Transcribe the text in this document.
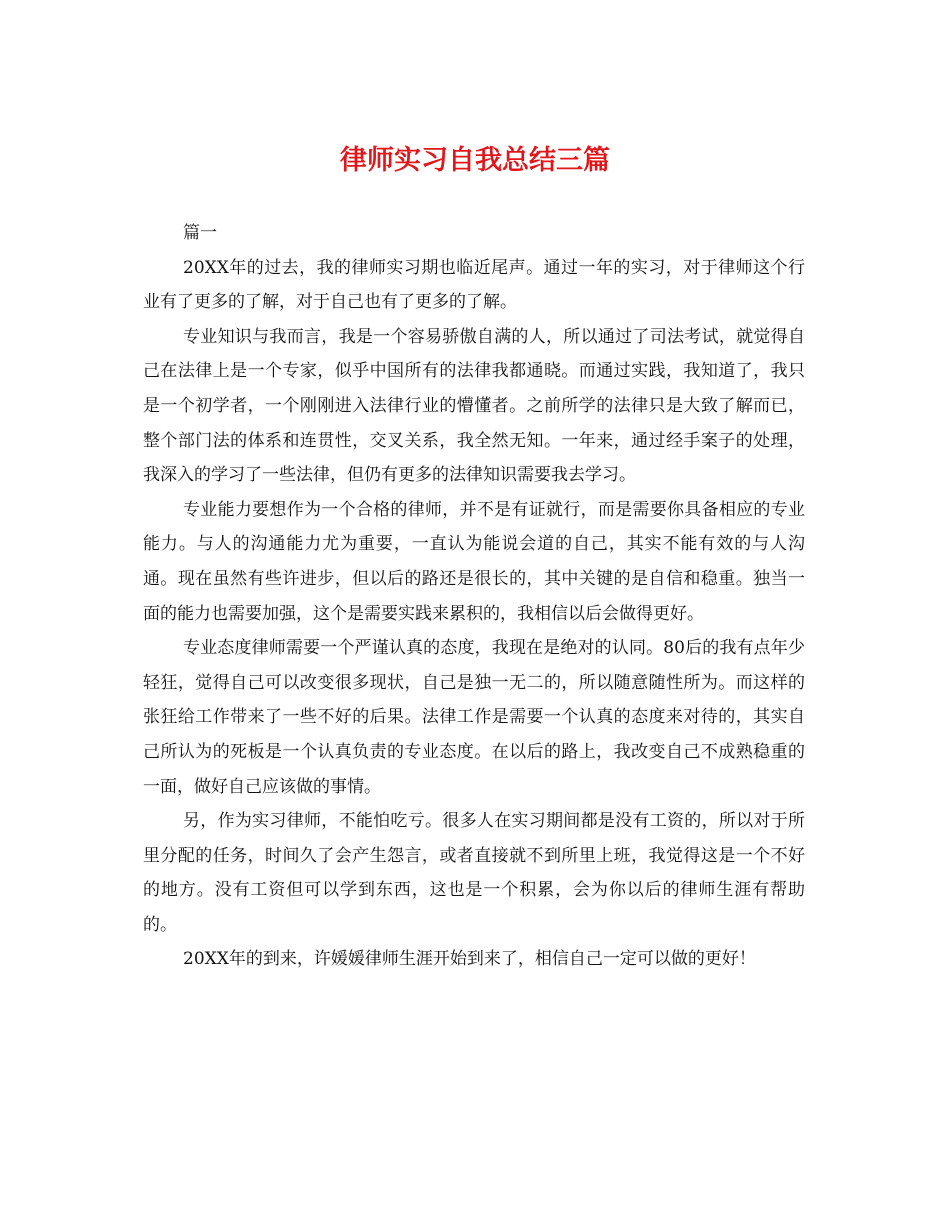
律师实习自我总结三篇

篇一

20XX年的过去，我的律师实习期也临近尾声。通过一年的实习，对于律师这个行业有了更多的了解，对于自己也有了更多的了解。

专业知识与我而言，我是一个容易骄傲自满的人，所以通过了司法考试，就觉得自己在法律上是一个专家，似乎中国所有的法律我都通晓。而通过实践，我知道了，我只是一个初学者，一个刚刚进入法律行业的懵懂者。之前所学的法律只是大致了解而已，整个部门法的体系和连贯性，交叉关系，我全然无知。一年来，通过经手案子的处理，我深入的学习了一些法律，但仍有更多的法律知识需要我去学习。

专业能力要想作为一个合格的律师，并不是有证就行，而是需要你具备相应的专业能力。与人的沟通能力尤为重要，一直认为能说会道的自己，其实不能有效的与人沟通。现在虽然有些许进步，但以后的路还是很长的，其中关键的是自信和稳重。独当一面的能力也需要加强，这个是需要实践来累积的，我相信以后会做得更好。

专业态度律师需要一个严谨认真的态度，我现在是绝对的认同。80后的我有点年少轻狂，觉得自己可以改变很多现状，自己是独一无二的，所以随意随性所为。而这样的张狂给工作带来了一些不好的后果。法律工作是需要一个认真的态度来对待的，其实自己所认为的死板是一个认真负责的专业态度。在以后的路上，我改变自己不成熟稳重的一面，做好自己应该做的事情。

另，作为实习律师，不能怕吃亏。很多人在实习期间都是没有工资的，所以对于所里分配的任务，时间久了会产生怨言，或者直接就不到所里上班，我觉得这是一个不好的地方。没有工资但可以学到东西，这也是一个积累，会为你以后的律师生涯有帮助的。

20XX年的到来，许媛媛律师生涯开始到来了，相信自己一定可以做的更好！
